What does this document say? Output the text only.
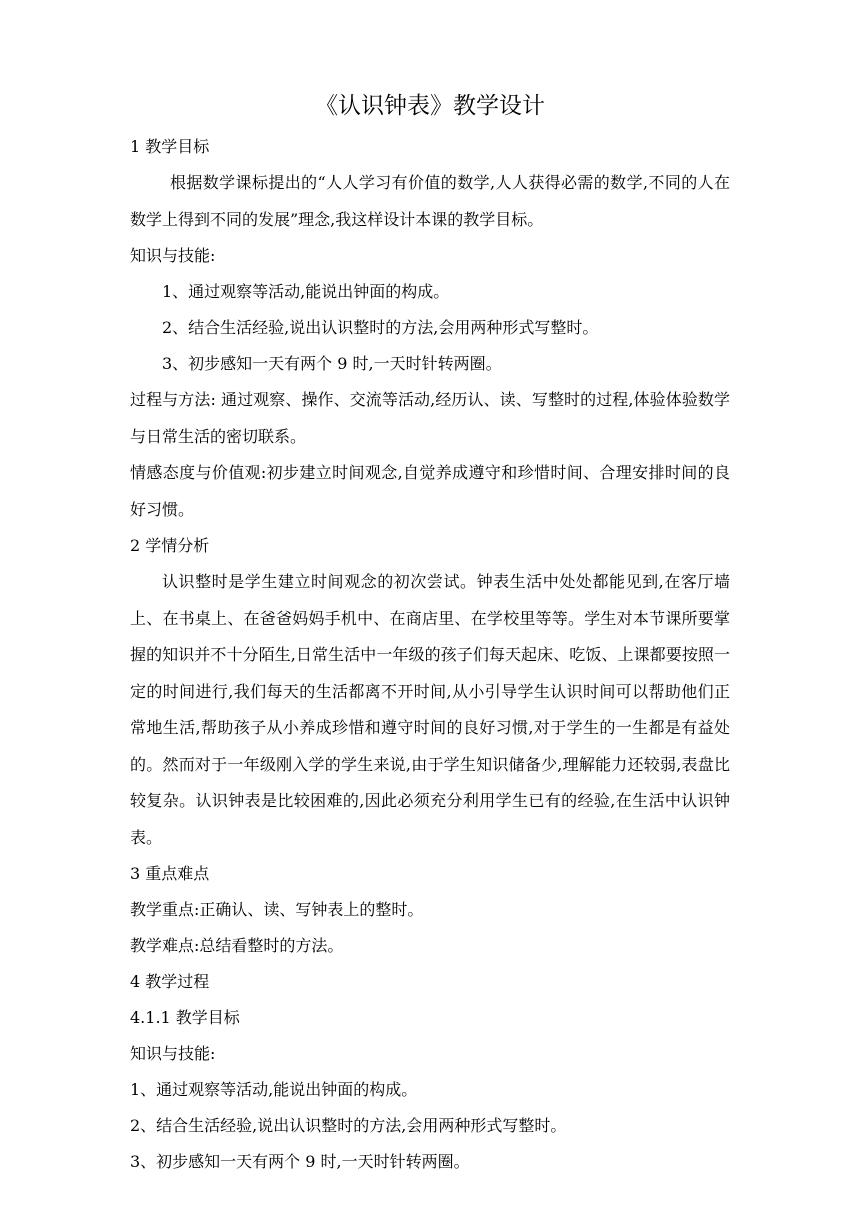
《认识钟表》教学设计

1 教学目标

根据数学课标提出的“人人学习有价值的数学,人人获得必需的数学,不同的人在数学上得到不同的发展”理念,我这样设计本课的教学目标。

知识与技能:

1、通过观察等活动,能说出钟面的构成。

2、结合生活经验,说出认识整时的方法,会用两种形式写整时。

3、初步感知一天有两个 9 时,一天时针转两圈。

过程与方法: 通过观察、操作、交流等活动,经历认、读、写整时的过程,体验体验数学与日常生活的密切联系。

情感态度与价值观:初步建立时间观念,自觉养成遵守和珍惜时间、合理安排时间的良好习惯。

2 学情分析

认识整时是学生建立时间观念的初次尝试。钟表生活中处处都能见到,在客厅墙上、在书桌上、在爸爸妈妈手机中、在商店里、在学校里等等。学生对本节课所要掌握的知识并不十分陌生,日常生活中一年级的孩子们每天起床、吃饭、上课都要按照一定的时间进行,我们每天的生活都离不开时间,从小引导学生认识时间可以帮助他们正常地生活,帮助孩子从小养成珍惜和遵守时间的良好习惯,对于学生的一生都是有益处的。然而对于一年级刚入学的学生来说,由于学生知识储备少,理解能力还较弱,表盘比较复杂。认识钟表是比较困难的,因此必须充分利用学生已有的经验,在生活中认识钟表。

3 重点难点

教学重点:正确认、读、写钟表上的整时。

教学难点:总结看整时的方法。

4 教学过程

4.1.1 教学目标

知识与技能:

1、通过观察等活动,能说出钟面的构成。

2、结合生活经验,说出认识整时的方法,会用两种形式写整时。

3、初步感知一天有两个 9 时,一天时针转两圈。
